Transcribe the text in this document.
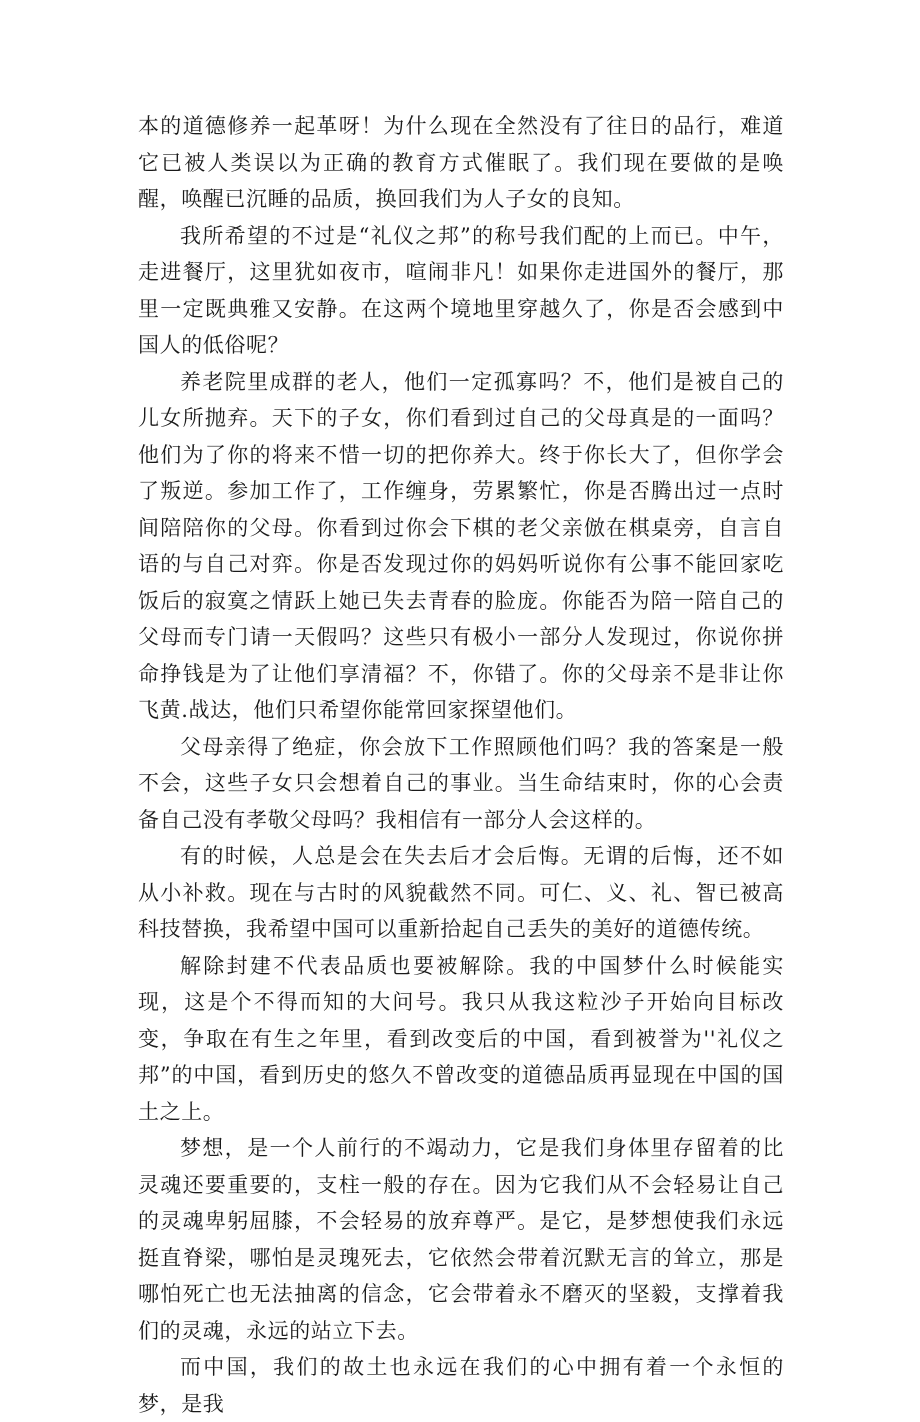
本的道德修养一起革呀！为什么现在全然没有了往日的品行，难道它已被人类误以为正确的教育方式催眠了。我们现在要做的是唤醒，唤醒已沉睡的品质，换回我们为人子女的良知。

我所希望的不过是“礼仪之邦”的称号我们配的上而已。中午，走进餐厅，这里犹如夜市，喧闹非凡！如果你走进国外的餐厅，那里一定既典雅又安静。在这两个境地里穿越久了，你是否会感到中国人的低俗呢？

养老院里成群的老人，他们一定孤寡吗？不，他们是被自己的儿女所抛弃。天下的子女，你们看到过自己的父母真是的一面吗？他们为了你的将来不惜一切的把你养大。终于你长大了，但你学会了叛逆。参加工作了，工作缠身，劳累繁忙，你是否腾出过一点时间陪陪你的父母。你看到过你会下棋的老父亲倣在棋桌旁，自言自语的与自己对弈。你是否发现过你的妈妈听说你有公事不能回家吃饭后的寂寞之情跃上她已失去青春的脸庞。你能否为陪一陪自己的父母而专门请一天假吗？这些只有极小一部分人发现过，你说你拼命挣钱是为了让他们享清福？不，你错了。你的父母亲不是非让你飞黄.战达，他们只希望你能常回家探望他们。

父母亲得了绝症，你会放下工作照顾他们吗？我的答案是一般不会，这些子女只会想着自己的事业。当生命结束时，你的心会责备自己没有孝敬父母吗？我相信有一部分人会这样的。

有的时候，人总是会在失去后才会后悔。无谓的后悔，还不如从小补救。现在与古时的风貌截然不同。可仁、义、礼、智已被高科技替换，我希望中国可以重新拾起自己丢失的美好的道德传统。

解除封建不代表品质也要被解除。我的中国梦什么时候能实现，这是个不得而知的大问号。我只从我这粒沙子开始向目标改变，争取在有生之年里，看到改变后的中国，看到被誉为''礼仪之邦”的中国，看到历史的悠久不曾改变的道德品质再显现在中国的国土之上。

梦想，是一个人前行的不竭动力，它是我们身体里存留着的比灵魂还要重要的，支柱一般的存在。因为它我们从不会轻易让自己的灵魂卑躬屈膝，不会轻易的放弃尊严。是它，是梦想使我们永远挺直脊梁，哪怕是灵瑰死去，它依然会带着沉默无言的耸立，那是哪怕死亡也无法抽离的信念，它会带着永不磨灭的坚毅，支撑着我们的灵魂，永远的站立下去。

而中国，我们的故土也永远在我们的心中拥有着一个永恒的梦，是我
